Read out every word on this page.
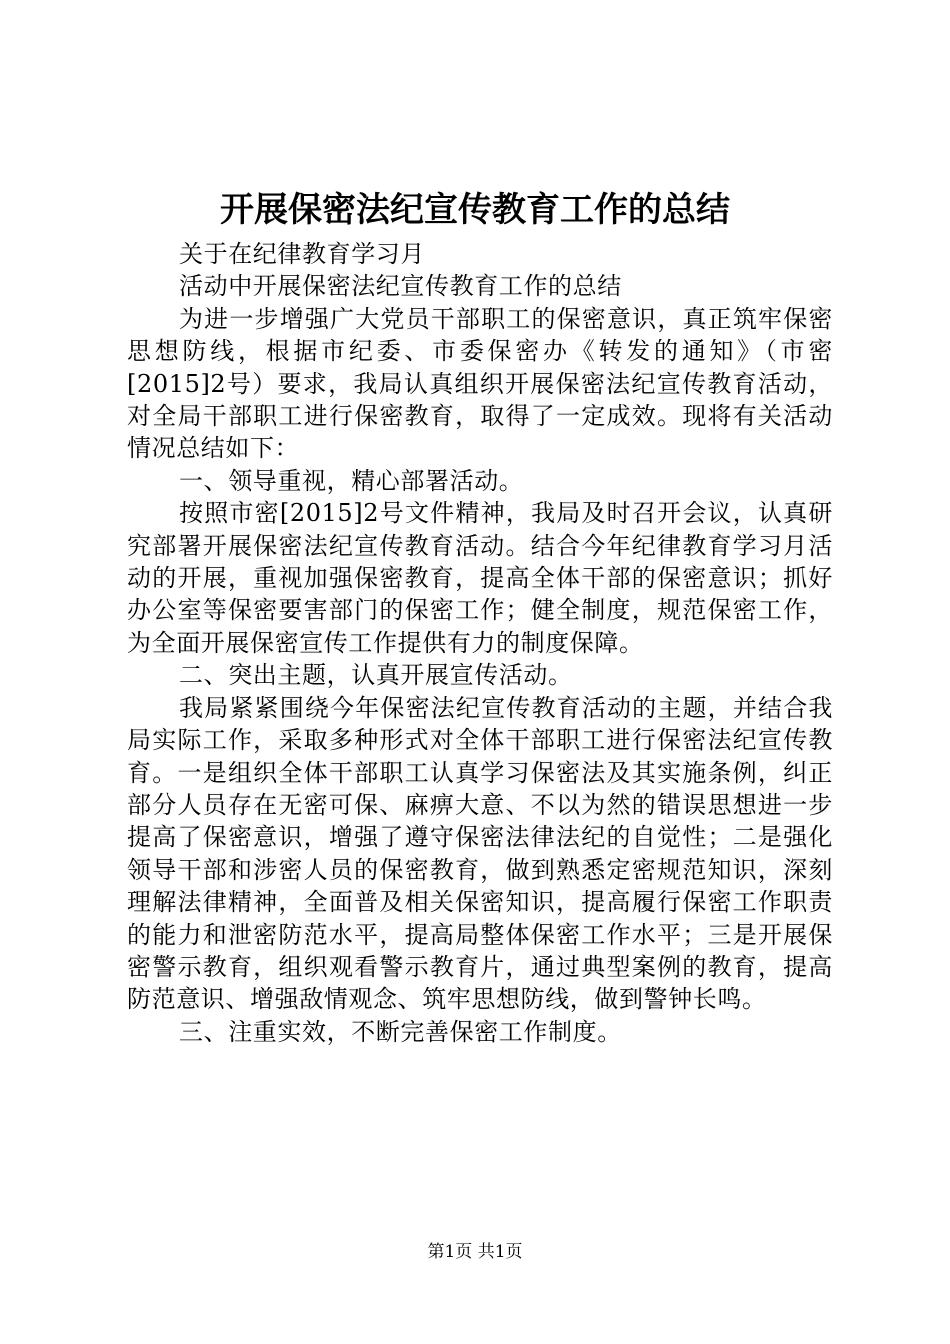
开展保密法纪宣传教育工作的总结

关于在纪律教育学习月

活动中开展保密法纪宣传教育工作的总结

为进一步增强广大党员干部职工的保密意识，真正筑牢保密思想防线，根据市纪委、市委保密办《转发的通知》（市密[2015]2号）要求，我局认真组织开展保密法纪宣传教育活动，对全局干部职工进行保密教育，取得了一定成效。现将有关活动情况总结如下：

一、领导重视，精心部署活动。

按照市密[2015]2号文件精神，我局及时召开会议，认真研究部署开展保密法纪宣传教育活动。结合今年纪律教育学习月活动的开展，重视加强保密教育，提高全体干部的保密意识；抓好办公室等保密要害部门的保密工作；健全制度，规范保密工作，为全面开展保密宣传工作提供有力的制度保障。

二、突出主题，认真开展宣传活动。

我局紧紧围绕今年保密法纪宣传教育活动的主题，并结合我局实际工作，采取多种形式对全体干部职工进行保密法纪宣传教育。一是组织全体干部职工认真学习保密法及其实施条例，纠正部分人员存在无密可保、麻痹大意、不以为然的错误思想进一步提高了保密意识，增强了遵守保密法律法纪的自觉性；二是强化领导干部和涉密人员的保密教育，做到熟悉定密规范知识，深刻理解法律精神，全面普及相关保密知识，提高履行保密工作职责的能力和泄密防范水平，提高局整体保密工作水平；三是开展保密警示教育，组织观看警示教育片，通过典型案例的教育，提高防范意识、增强敌情观念、筑牢思想防线，做到警钟长鸣。

三、注重实效，不断完善保密工作制度。

第1页 共1页
